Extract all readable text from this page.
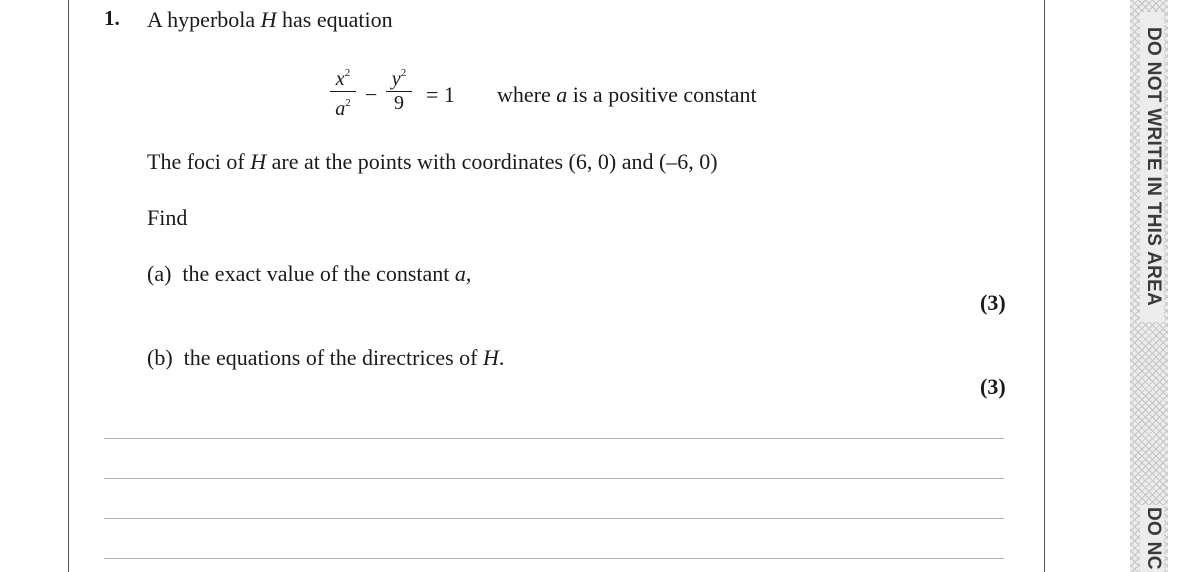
1. A hyperbola H has equation
$x^2$
$a^2$ −
$y^2$
9	= 1 where a is a positive constant
The foci of H are at the points with coordinates (6, 0) and (–6, 0)
Find
(a) the exact value of the constant a,
(3)
(b) the equations of the directrices of H.
(3)
DO NOT WRITE IN THIS AREA
DO NC
